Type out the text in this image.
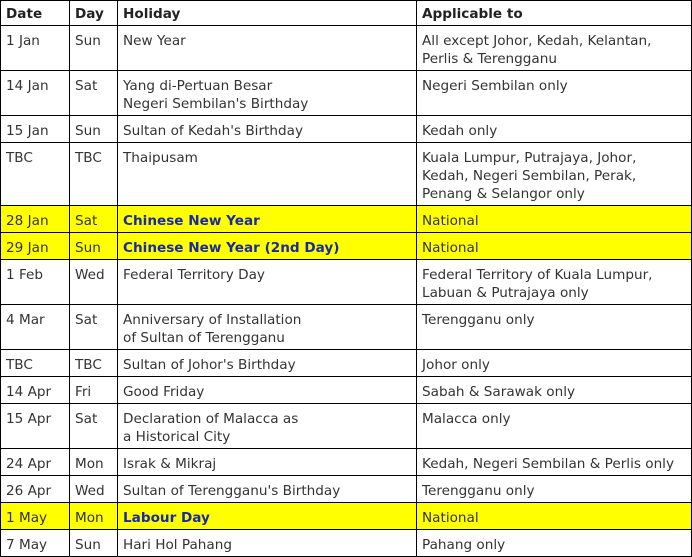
Date	Day	Holiday	Applicable to
1 Jan	Sun	New Year	All except Johor, Kedah, Kelantan,
Perlis & Terengganu

14 Jan	Sat	Yang di-Pertuan Besar
Negeri Sembilan's Birthday	Negeri Sembilan only

15 Jan	Sun	Sultan of Kedah's Birthday	Kedah only

TBC	TBC	Thaipusam	Kuala Lumpur, Putrajaya, Johor,
Kedah, Negeri Sembilan, Perak,
Penang & Selangor only

28 Jan	Sat	Chinese New Year	National

29 Jan	Sun	Chinese New Year (2nd Day)	National

1 Feb	Wed	Federal Territory Day	Federal Territory of Kuala Lumpur,
Labuan & Putrajaya only

4 Mar	Sat	Anniversary of Installation
of Sultan of Terengganu	Terengganu only

TBC	TBC	Sultan of Johor's Birthday	Johor only

14 Apr	Fri	Good Friday	Sabah & Sarawak only

15 Apr	Sat	Declaration of Malacca as
a Historical City	Malacca only

24 Apr	Mon	Israk & Mikraj	Kedah, Negeri Sembilan & Perlis only

26 Apr	Wed	Sultan of Terengganu's Birthday	Terengganu only

1 May	Mon	Labour Day	National

7 May	Sun	Hari Hol Pahang	Pahang only
